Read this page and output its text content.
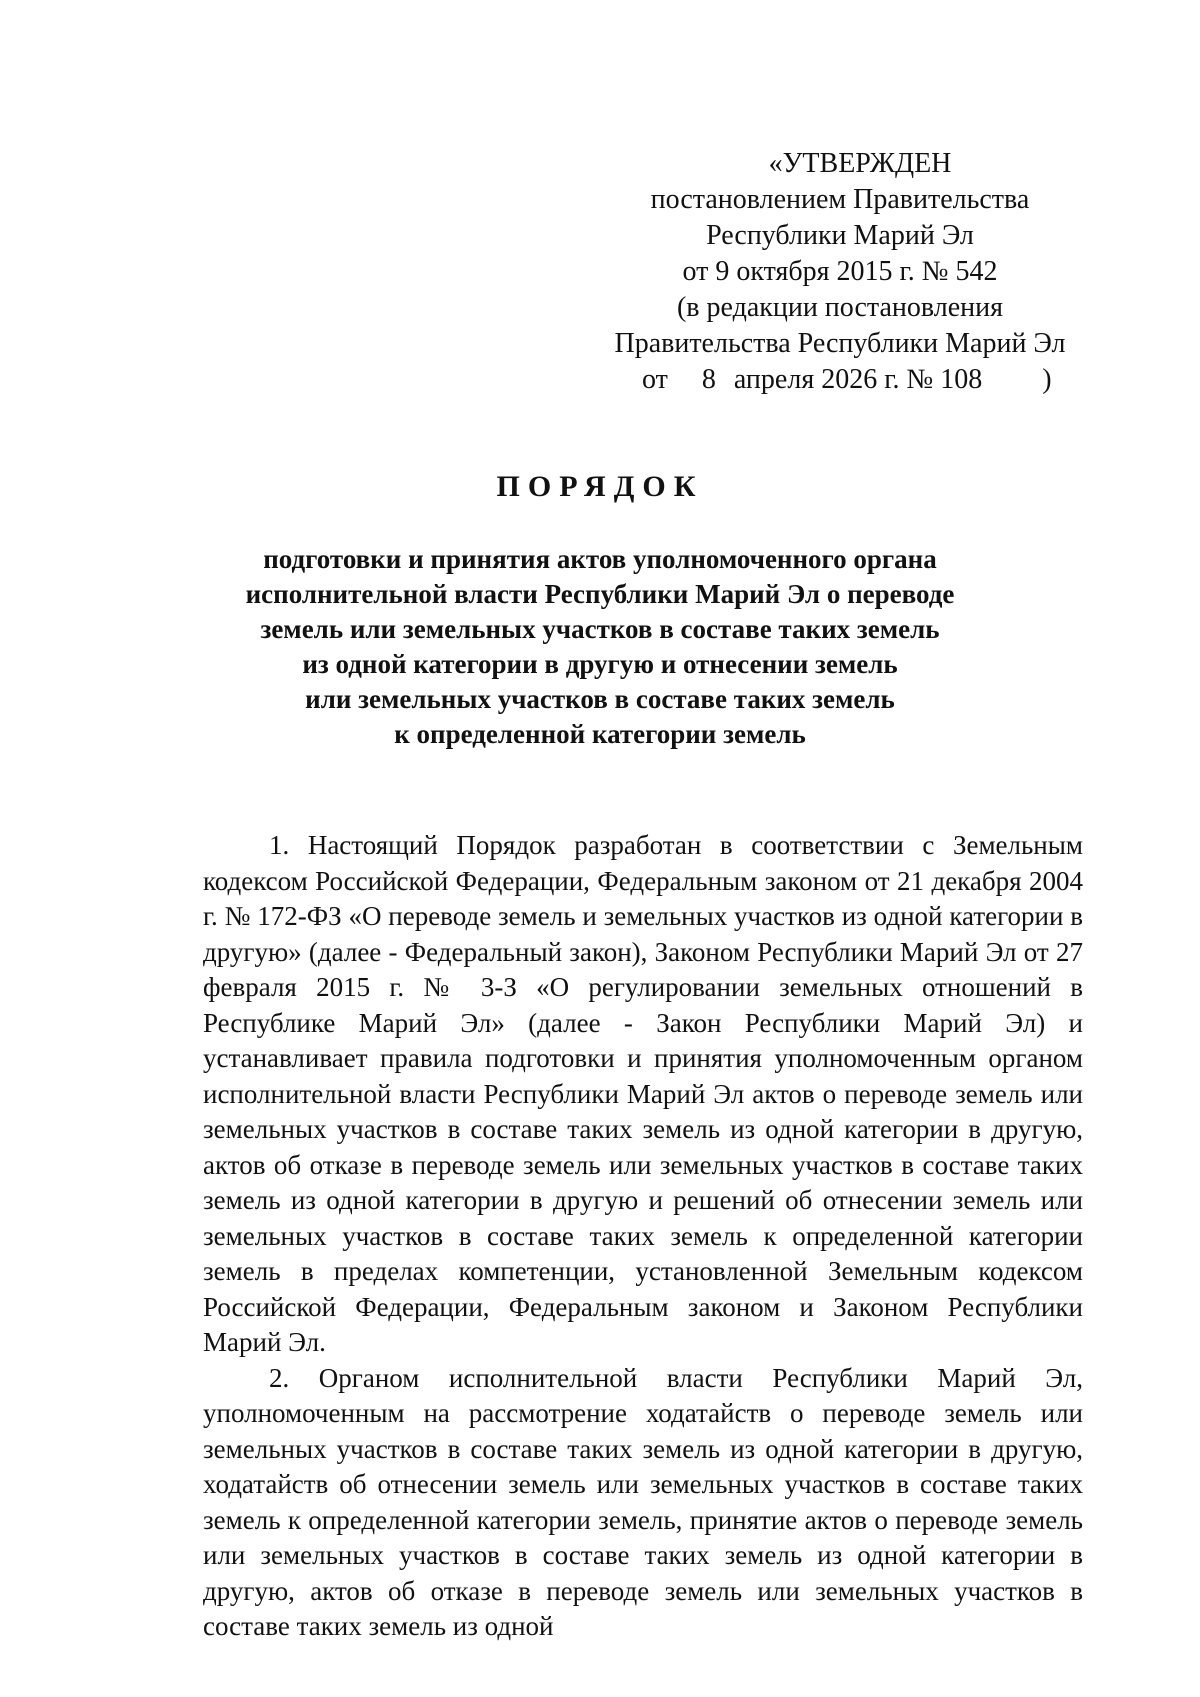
«УТВЕРЖДЕН
постановлением Правительства
Республики Марий Эл
от 9 октября 2015 г. № 542
(в редакции постановления
Правительства Республики Марий Эл
от 8 апреля 2026 г. № 108 )
ПОРЯДОК
подготовки и принятия актов уполномоченного органа
исполнительной власти Республики Марий Эл о переводе
земель или земельных участков в составе таких земель
из одной категории в другую и отнесении земель
или земельных участков в составе таких земель
к определенной категории земель

1. Настоящий Порядок разработан в соответствии с Земельным кодексом Российской Федерации, Федеральным законом от 21 декабря 2004 г. № 172-ФЗ «О переводе земель и земельных участков из одной категории в другую» (далее - Федеральный закон), Законом Республики Марий Эл от 27 февраля 2015 г. № 3-З «О регулировании земельных отношений в Республике Марий Эл» (далее - Закон Республики Марий Эл) и устанавливает правила подготовки и принятия уполномоченным органом исполнительной власти Республики Марий Эл актов о переводе земель или земельных участков в составе таких земель из одной категории в другую, актов об отказе в переводе земель или земельных участков в составе таких земель из одной категории в другую и решений об отнесении земель или земельных участков в составе таких земель к определенной категории земель в пределах компетенции, установленной Земельным кодексом Российской Федерации, Федеральным законом и Законом Республики Марий Эл.

2. Органом исполнительной власти Республики Марий Эл, уполномоченным на рассмотрение ходатайств о переводе земель или земельных участков в составе таких земель из одной категории в другую, ходатайств об отнесении земель или земельных участков в составе таких земель к определенной категории земель, принятие актов о переводе земель или земельных участков в составе таких земель из одной категории в другую, актов об отказе в переводе земель или земельных участков в составе таких земель из одной
